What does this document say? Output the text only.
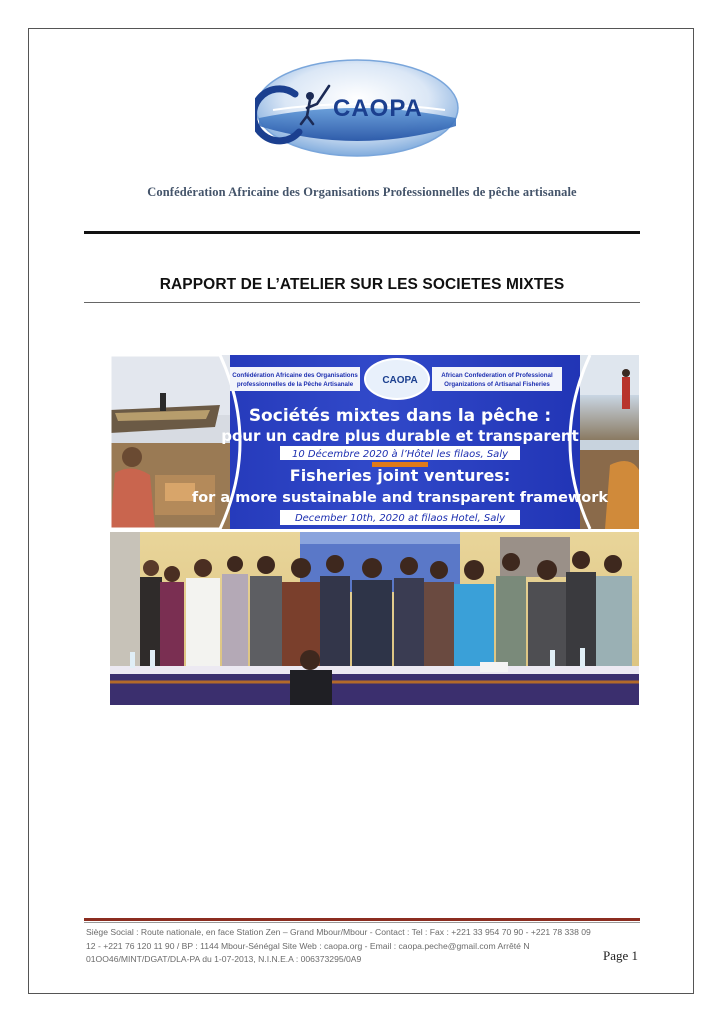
CAOPA
Confédération Africaine des Organisations Professionnelles de pêche artisanale
RAPPORT DE L’ATELIER SUR LES SOCIETES MIXTES
Confédération Africaine des Organisations
professionnelles de la Pêche Artisanale
African Confederation of Professional
Organizations of Artisanal Fisheries
CAOPA
Sociétés mixtes dans la pêche :
pour un cadre plus durable et transparent
10 Décembre 2020 à l’Hôtel les filaos, Saly
Fisheries joint ventures:
for a more sustainable and transparent framework
December 10th, 2020 at filaos Hotel, Saly
Siège Social : Route nationale, en face Station Zen – Grand Mbour/Mbour - Contact : Tel : Fax : +221 33 954 70 90 - +221 78 338 09 12 - +221 76 120 11 90 / BP : 1144 Mbour-Sénégal Site Web : caopa.org - Email : caopa.peche@gmail.com Arrêté N 01OO46/MINT/DGAT/DLA-PA du 1-07-2013, N.I.N.E.A : 006373295/0A9	Page 1
